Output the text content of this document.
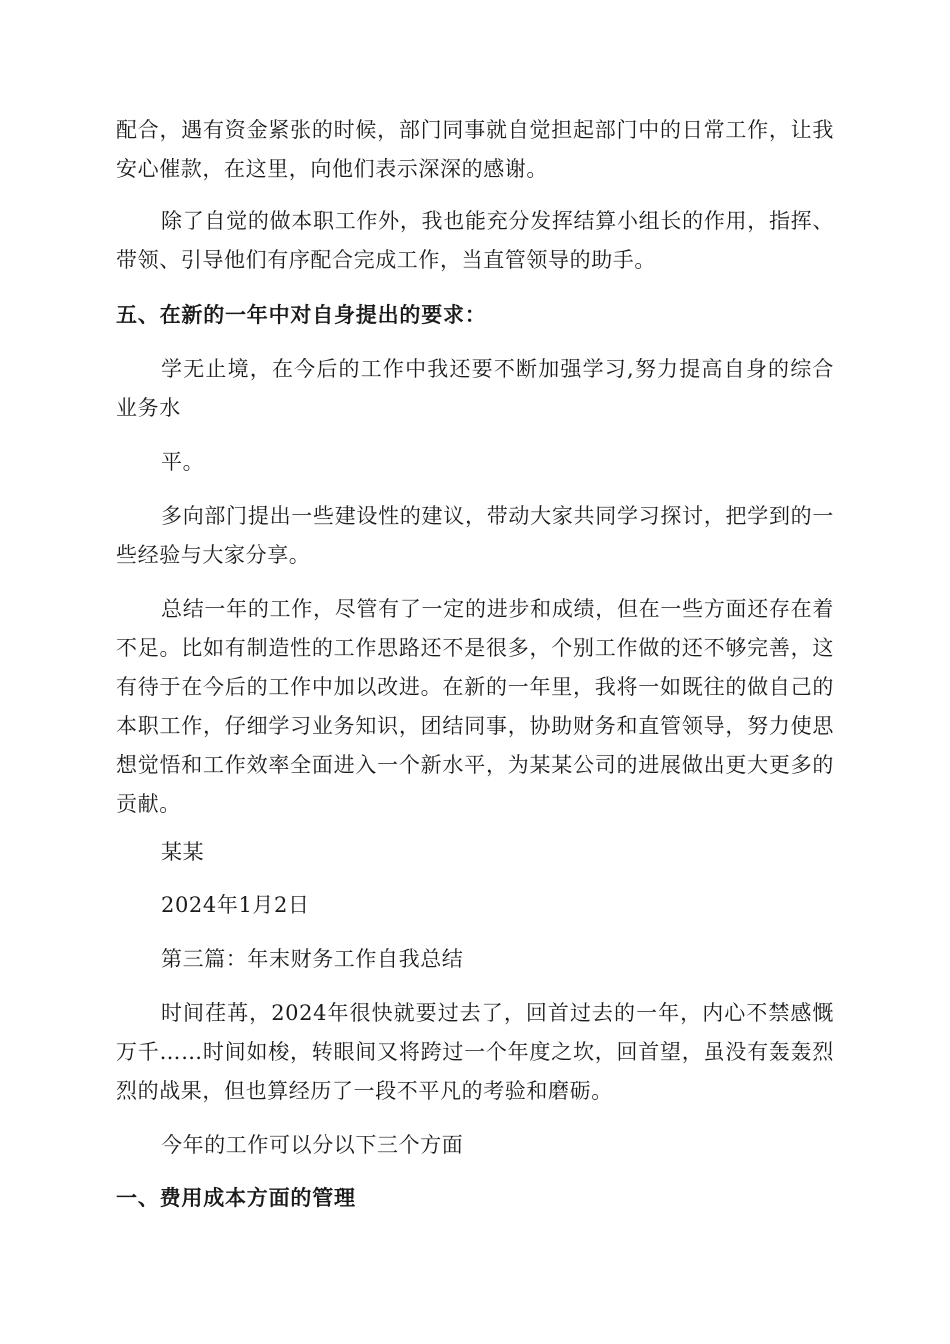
配合，遇有资金紧张的时候，部门同事就自觉担起部门中的日常工作，让我安心催款，在这里，向他们表示深深的感谢。

除了自觉的做本职工作外，我也能充分发挥结算小组长的作用，指挥、带领、引导他们有序配合完成工作，当直管领导的助手。

五、在新的一年中对自身提出的要求：

学无止境，在今后的工作中我还要不断加强学习,努力提高自身的综合业务水

平。

多向部门提出一些建设性的建议，带动大家共同学习探讨，把学到的一些经验与大家分享。

总结一年的工作，尽管有了一定的进步和成绩，但在一些方面还存在着不足。比如有制造性的工作思路还不是很多，个别工作做的还不够完善，这有待于在今后的工作中加以改进。在新的一年里，我将一如既往的做自己的本职工作，仔细学习业务知识，团结同事，协助财务和直管领导，努力使思想觉悟和工作效率全面进入一个新水平，为某某公司的进展做出更大更多的贡献。

某某

2024年1月2日

第三篇：年末财务工作自我总结

时间荏苒，2024年很快就要过去了，回首过去的一年，内心不禁感慨万千……时间如梭，转眼间又将跨过一个年度之坎，回首望，虽没有轰轰烈烈的战果，但也算经历了一段不平凡的考验和磨砺。

今年的工作可以分以下三个方面

一、费用成本方面的管理
